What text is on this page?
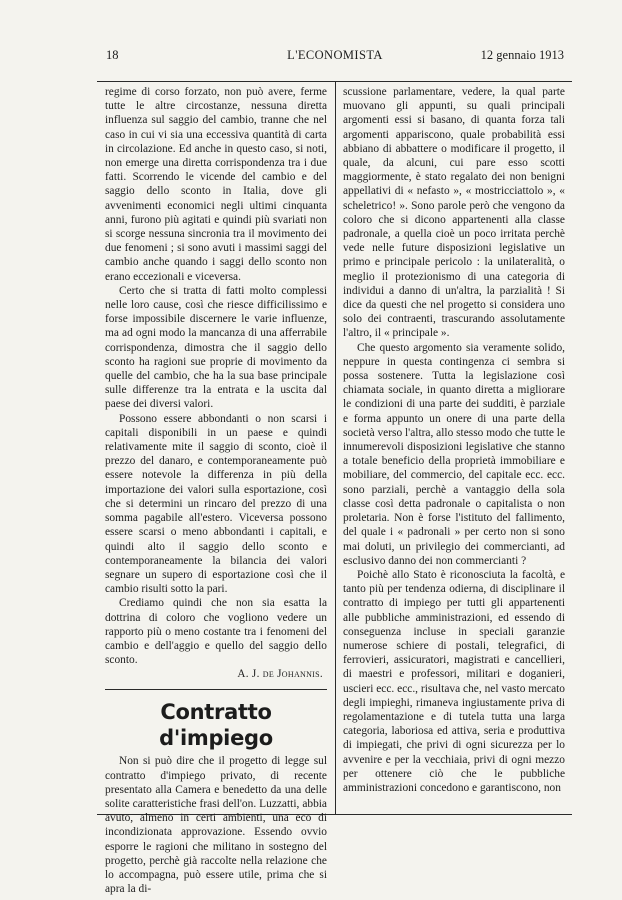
18	L'ECONOMISTA	12 gennaio 1913

regime di corso forzato, non può avere, ferme tutte le altre circostanze, nessuna diretta influenza sul saggio del cambio, tranne che nel caso in cui vi sia una eccessiva quantità di carta in circolazione. Ed anche in questo caso, si noti, non emerge una diretta corrispondenza tra i due fatti. Scorrendo le vicende del cambio e del saggio dello sconto in Italia, dove gli avvenimenti economici negli ultimi cinquanta anni, furono più agitati e quindi più svariati non si scorge nessuna sincronia tra il movimento dei due fenomeni ; si sono avuti i massimi saggi del cambio anche quando i saggi dello sconto non erano eccezionali e viceversa.

Certo che si tratta di fatti molto complessi nelle loro cause, così che riesce difficilissimo e forse impossibile discernere le varie influenze, ma ad ogni modo la mancanza di una afferrabile corrispondenza, dimostra che il saggio dello sconto ha ragioni sue proprie di movimento da quelle del cambio, che ha la sua base principale sulle differenze tra la entrata e la uscita dal paese dei diversi valori.

Possono essere abbondanti o non scarsi i capitali disponibili in un paese e quindi relativamente mite il saggio di sconto, cioè il prezzo del danaro, e contemporaneamente può essere notevole la differenza in più della importazione dei valori sulla esportazione, così che si determini un rincaro del prezzo di una somma pagabile all'estero. Viceversa possono essere scarsi o meno abbondanti i capitali, e quindi alto il saggio dello sconto e contemporaneamente la bilancia dei valori segnare un supero di esportazione così che il cambio risulti sotto la pari.

Crediamo quindi che non sia esatta la dottrina di coloro che vogliono vedere un rapporto più o meno costante tra i fenomeni del cambio e dell'aggio e quello del saggio dello sconto.

A. J. de Johannis.
Contratto d'impiego

Non si può dire che il progetto di legge sul contratto d'impiego privato, di recente presentato alla Camera e benedetto da una delle solite caratteristiche frasi dell'on. Luzzatti, abbia avuto, almeno in certi ambienti, una eco di incondizionata approvazione. Essendo ovvio esporre le ragioni che militano in sostegno del progetto, perchè già raccolte nella relazione che lo accompagna, può essere utile, prima che si apra la di-

scussione parlamentare, vedere, la qual parte muovano gli appunti, su quali principali argomenti essi si basano, di quanta forza tali argomenti appariscono, quale probabilità essi abbiano di abbattere o modificare il progetto, il quale, da alcuni, cui pare esso scotti maggiormente, è stato regalato dei non benigni appellativi di « nefasto », « mostricciattolo », « scheletrico! ». Sono parole però che vengono da coloro che si dicono appartenenti alla classe padronale, a quella cioè un poco irritata perchè vede nelle future disposizioni legislative un primo e principale pericolo : la unilateralità, o meglio il protezionismo di una categoria di individui a danno di un'altra, la parzialità ! Si dice da questi che nel progetto si considera uno solo dei contraenti, trascurando assolutamente l'altro, il « principale ».

Che questo argomento sia veramente solido, neppure in questa contingenza ci sembra si possa sostenere. Tutta la legislazione così chiamata sociale, in quanto diretta a migliorare le condizioni di una parte dei sudditi, è parziale e forma appunto un onere di una parte della società verso l'altra, allo stesso modo che tutte le innumerevoli disposizioni legislative che stanno a totale beneficio della proprietà immobiliare e mobiliare, del commercio, del capitale ecc. ecc. sono parziali, perchè a vantaggio della sola classe così detta padronale o capitalista o non proletaria. Non è forse l'istituto del fallimento, del quale i « padronali » per certo non si sono mai doluti, un privilegio dei commercianti, ad esclusivo danno dei non commercianti ?

Poichè allo Stato è riconosciuta la facoltà, e tanto più per tendenza odierna, di disciplinare il contratto di impiego per tutti gli appartenenti alle pubbliche amministrazioni, ed essendo di conseguenza incluse in speciali garanzie numerose schiere di postali, telegrafici, di ferrovieri, assicuratori, magistrati e cancellieri, di maestri e professori, militari e doganieri, uscieri ecc. ecc., risultava che, nel vasto mercato degli impieghi, rimaneva ingiustamente priva di regolamentazione e di tutela tutta una larga categoria, laboriosa ed attiva, seria e produttiva di impiegati, che privi di ogni sicurezza per lo avvenire e per la vecchiaia, privi di ogni mezzo per ottenere ciò che le pubbliche amministrazioni concedono e garantiscono, non
